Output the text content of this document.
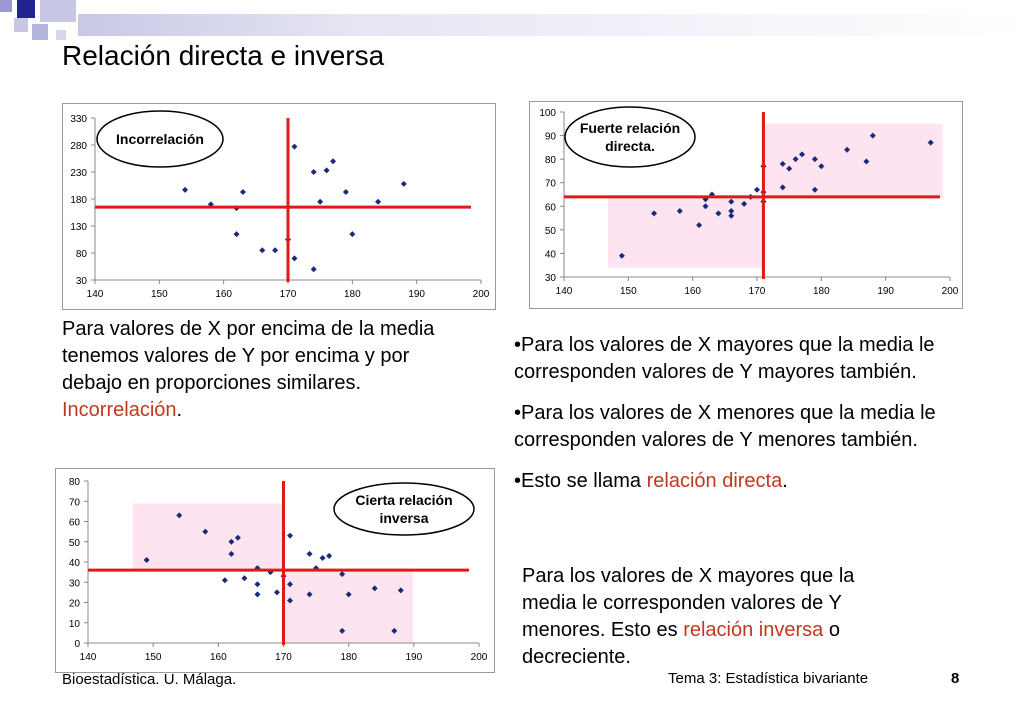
Relación directa e inversa
140	150	160	170	180	190	200
30
80
130
180
230
280
330
Incorrelación
140	150	160	170	180	190	200
30
40
50
60
70
80
90
100
Fuerte relación
directa.
140	150	160	170	180	190	200
0
10
20
30
40
50
60
70
80
Cierta relación
inversa
Para valores de X por encima de la media
tenemos valores de Y por encima y por
debajo en proporciones similares.
Incorrelación.
•Para los valores de X mayores que la media le corresponden valores de Y mayores también.
•Para los valores de X menores que la media le corresponden valores de Y menores también.
•Esto se llama relación directa.
Para los valores de X mayores que la
media le corresponden valores de Y
menores. Esto es relación inversa o
decreciente.
Bioestadística. U. Málaga.	Tema 3: Estadística bivariante	8
